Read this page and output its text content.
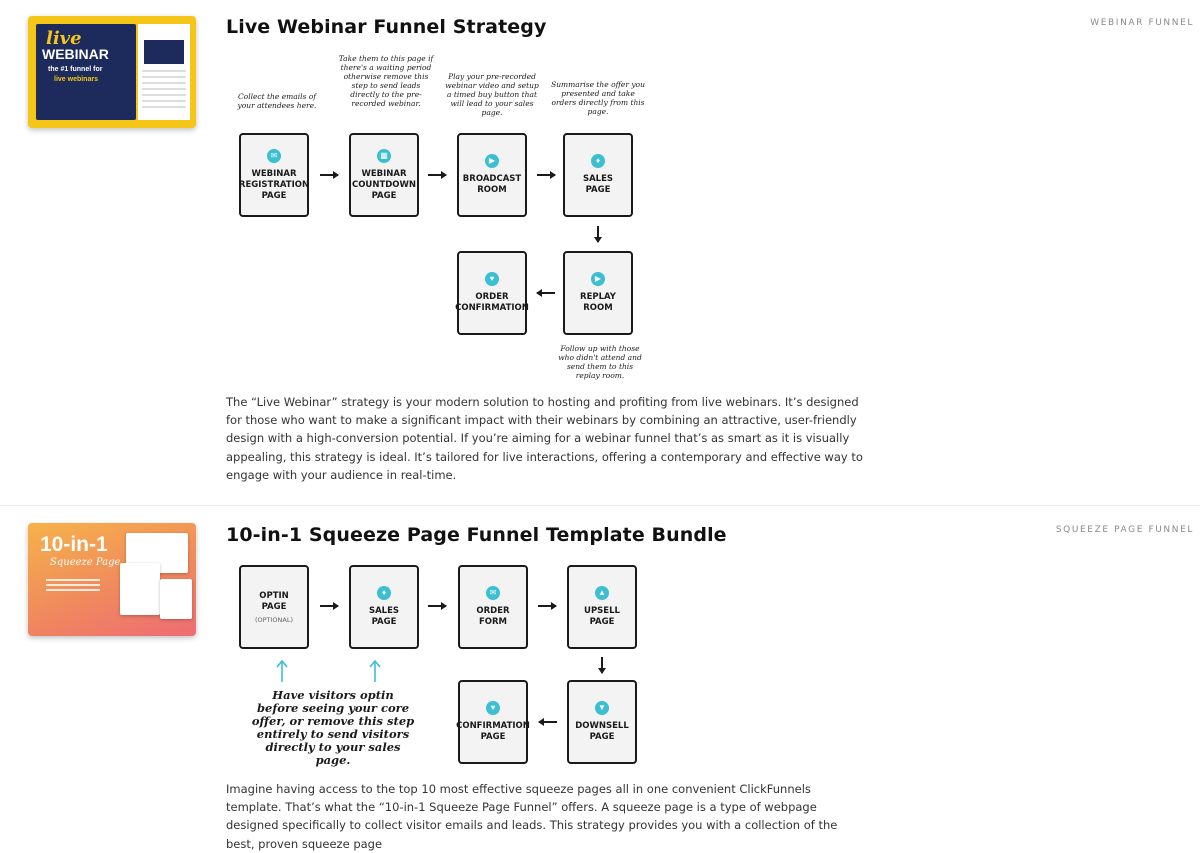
live
WEBINAR
the #1 funnel for
live webinars
Live Webinar Funnel Strategy	WEBINAR FUNNEL
Collect the emails of your attendees here.
Take them to this page if there's a waiting period otherwise remove this step to send leads directly to the pre-recorded webinar.
Play your pre-recorded webinar video and setup a timed buy button that will lead to your sales page.
Summarise the offer you presented and take orders directly from this page.
Follow up with those who didn't attend and send them to this replay room.
✉
WEBINAR
REGISTRATION
PAGE
▦
WEBINAR
COUNTDOWN
PAGE
▶
BROADCAST
ROOM
♦
SALES
PAGE
▶
REPLAY
ROOM
♥
ORDER
CONFIRMATION

The “Live Webinar” strategy is your modern solution to hosting and profiting from live webinars. It’s designed for those who want to make a significant impact with their webinars by combining an attractive, user-friendly design with a high-conversion potential. If you’re aiming for a webinar funnel that’s as smart as it is visually appealing, this strategy is ideal. It’s tailored for live interactions, offering a contemporary and effective way to engage with your audience in real-time.

10-in-1
Squeeze Page
10-in-1 Squeeze Page Funnel Template Bundle	SQUEEZE PAGE FUNNEL
OPTIN
PAGE
(OPTIONAL)
♦
SALES
PAGE
✉
ORDER
FORM
▲
UPSELL
PAGE
▼
DOWNSELL
PAGE
♥
CONFIRMATION
PAGE
Have visitors optin before seeing your core offer, or remove this step entirely to send visitors directly to your sales page.

Imagine having access to the top 10 most effective squeeze pages all in one convenient ClickFunnels template. That’s what the “10-in-1 Squeeze Page Funnel” offers. A squeeze page is a type of webpage designed specifically to collect visitor emails and leads. This strategy provides you with a collection of the best, proven squeeze page
